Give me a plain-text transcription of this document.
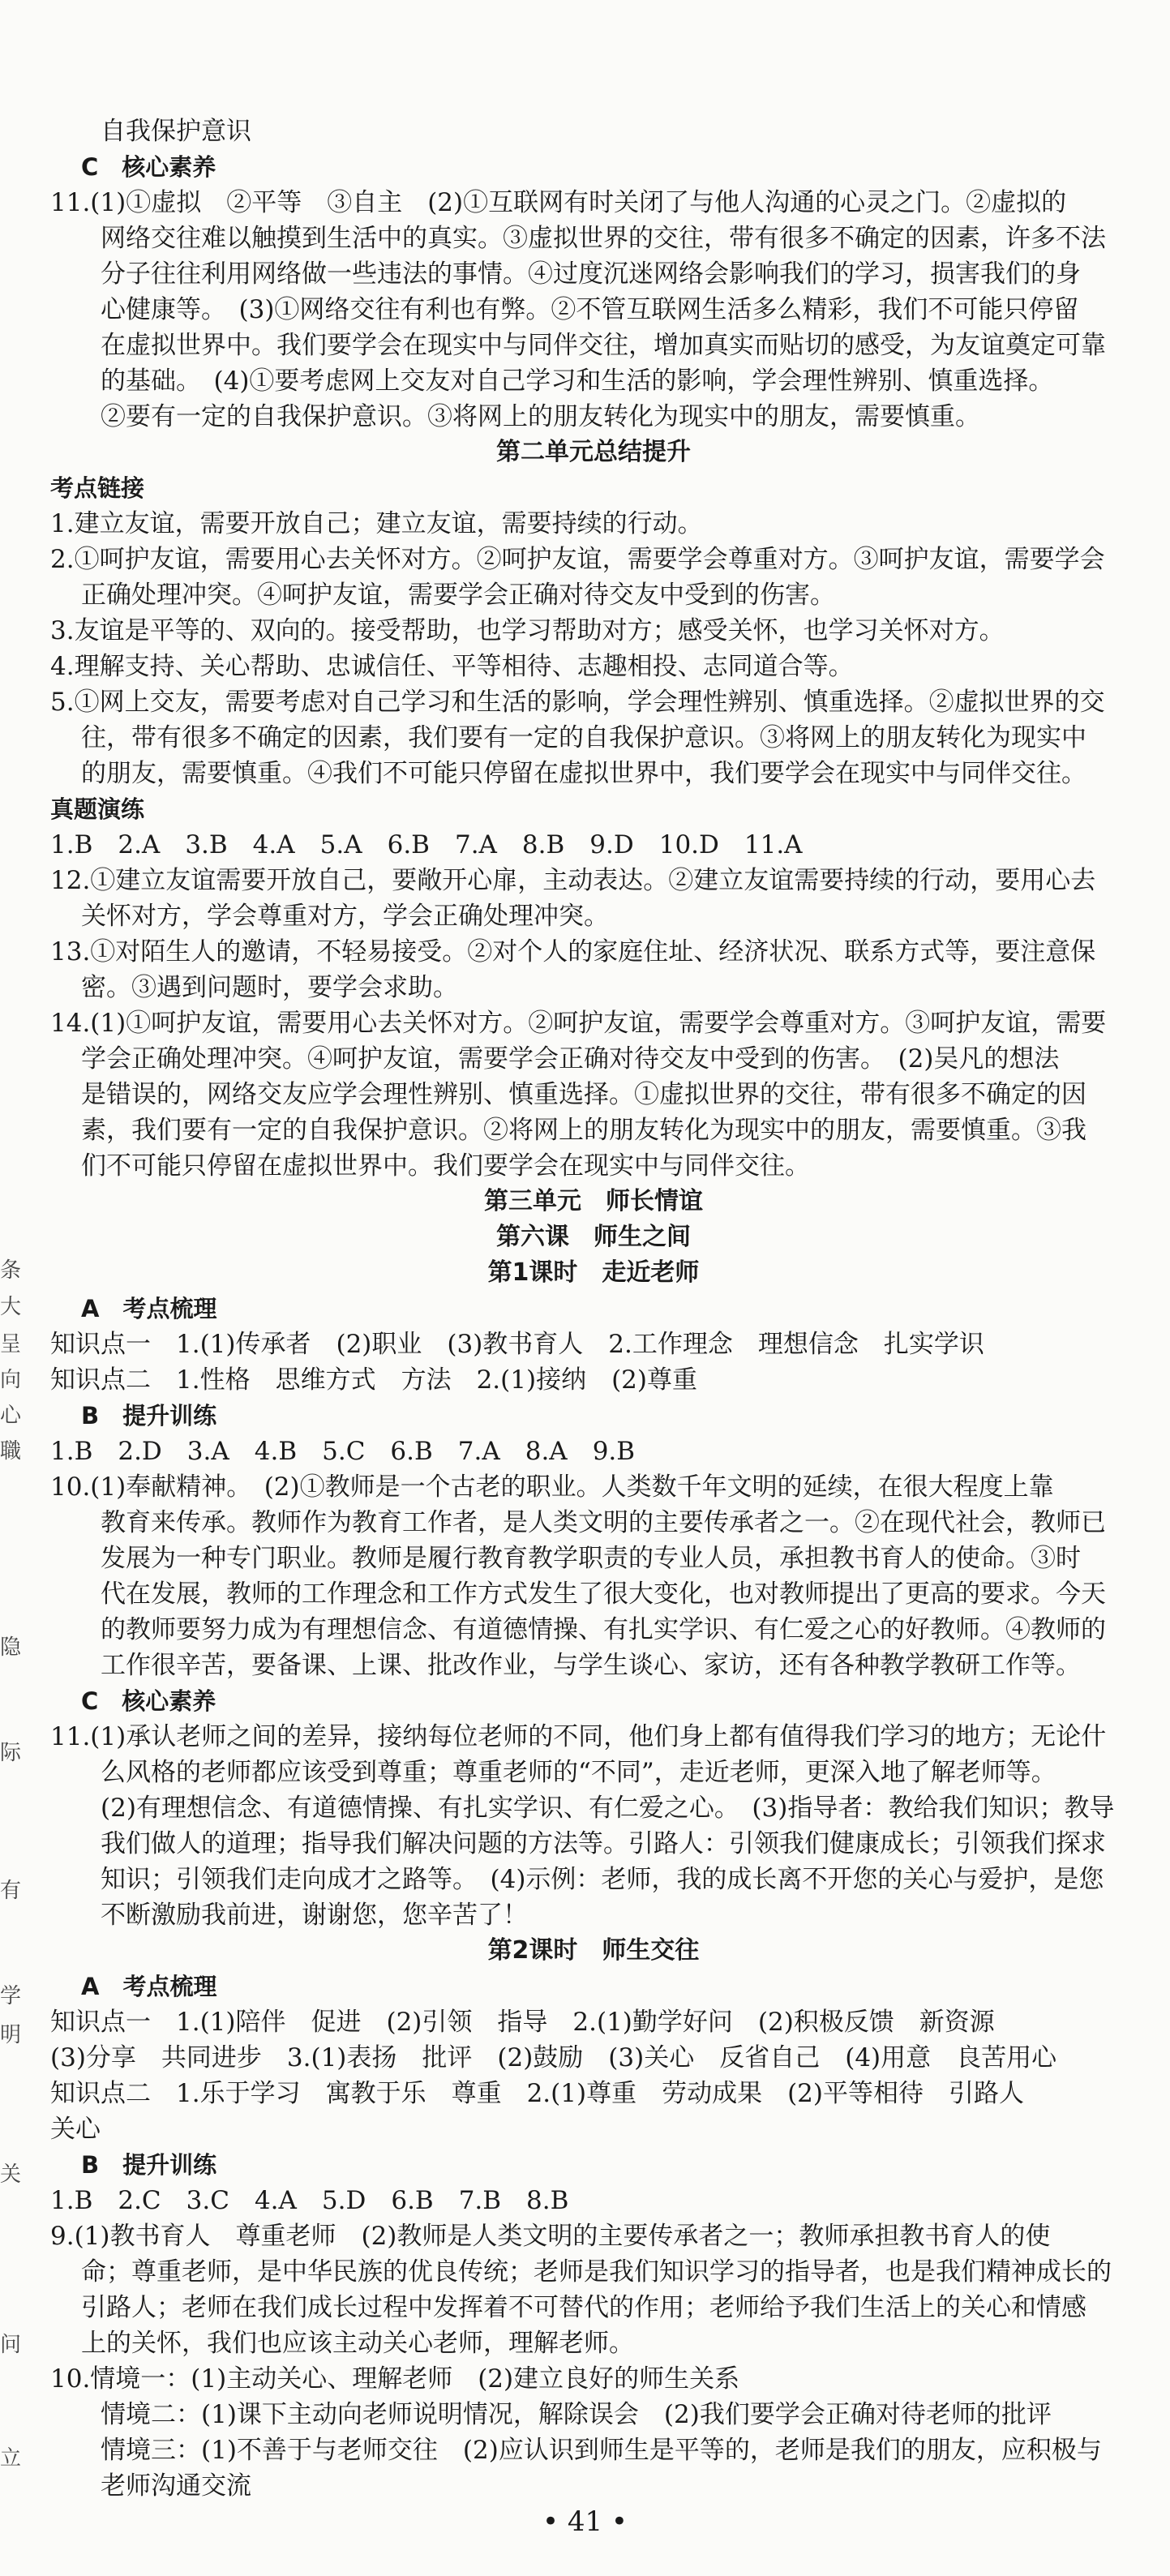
自我保护意识

C　核心素养

11.(1)①虚拟　②平等　③自主　(2)①互联网有时关闭了与他人沟通的心灵之门。②虚拟的

网络交往难以触摸到生活中的真实。③虚拟世界的交往，带有很多不确定的因素，许多不法

分子往往利用网络做一些违法的事情。④过度沉迷网络会影响我们的学习，损害我们的身

心健康等。　(3)①网络交往有利也有弊。②不管互联网生活多么精彩，我们不可能只停留

在虚拟世界中。我们要学会在现实中与同伴交往，增加真实而贴切的感受，为友谊奠定可靠

的基础。　(4)①要考虑网上交友对自己学习和生活的影响，学会理性辨别、慎重选择。

②要有一定的自我保护意识。③将网上的朋友转化为现实中的朋友，需要慎重。

第二单元总结提升

考点链接

1.建立友谊，需要开放自己；建立友谊，需要持续的行动。

2.①呵护友谊，需要用心去关怀对方。②呵护友谊，需要学会尊重对方。③呵护友谊，需要学会

正确处理冲突。④呵护友谊，需要学会正确对待交友中受到的伤害。

3.友谊是平等的、双向的。接受帮助，也学习帮助对方；感受关怀，也学习关怀对方。

4.理解支持、关心帮助、忠诚信任、平等相待、志趣相投、志同道合等。

5.①网上交友，需要考虑对自己学习和生活的影响，学会理性辨别、慎重选择。②虚拟世界的交

往，带有很多不确定的因素，我们要有一定的自我保护意识。③将网上的朋友转化为现实中

的朋友，需要慎重。④我们不可能只停留在虚拟世界中，我们要学会在现实中与同伴交往。

真题演练

1.B　2.A　3.B　4.A　5.A　6.B　7.A　8.B　9.D　10.D　11.A

12.①建立友谊需要开放自己，要敞开心扉，主动表达。②建立友谊需要持续的行动，要用心去

关怀对方，学会尊重对方，学会正确处理冲突。

13.①对陌生人的邀请，不轻易接受。②对个人的家庭住址、经济状况、联系方式等，要注意保

密。③遇到问题时，要学会求助。

14.(1)①呵护友谊，需要用心去关怀对方。②呵护友谊，需要学会尊重对方。③呵护友谊，需要

学会正确处理冲突。④呵护友谊，需要学会正确对待交友中受到的伤害。　(2)吴凡的想法

是错误的，网络交友应学会理性辨别、慎重选择。①虚拟世界的交往，带有很多不确定的因

素，我们要有一定的自我保护意识。②将网上的朋友转化为现实中的朋友，需要慎重。③我

们不可能只停留在虚拟世界中。我们要学会在现实中与同伴交往。

第三单元　师长情谊

第六课　师生之间

第1课时　走近老师

A　考点梳理

知识点一　1.(1)传承者　(2)职业　(3)教书育人　2.工作理念　理想信念　扎实学识

知识点二　1.性格　思维方式　方法　2.(1)接纳　(2)尊重

B　提升训练

1.B　2.D　3.A　4.B　5.C　6.B　7.A　8.A　9.B

10.(1)奉献精神。　(2)①教师是一个古老的职业。人类数千年文明的延续，在很大程度上靠

教育来传承。教师作为教育工作者，是人类文明的主要传承者之一。②在现代社会，教师已

发展为一种专门职业。教师是履行教育教学职责的专业人员，承担教书育人的使命。③时

代在发展，教师的工作理念和工作方式发生了很大变化，也对教师提出了更高的要求。今天

的教师要努力成为有理想信念、有道德情操、有扎实学识、有仁爱之心的好教师。④教师的

工作很辛苦，要备课、上课、批改作业，与学生谈心、家访，还有各种教学教研工作等。

C　核心素养

11.(1)承认老师之间的差异，接纳每位老师的不同，他们身上都有值得我们学习的地方；无论什

么风格的老师都应该受到尊重；尊重老师的“不同”，走近老师，更深入地了解老师等。

(2)有理想信念、有道德情操、有扎实学识、有仁爱之心。　(3)指导者：教给我们知识；教导

我们做人的道理；指导我们解决问题的方法等。引路人：引领我们健康成长；引领我们探求

知识；引领我们走向成才之路等。　(4)示例：老师，我的成长离不开您的关心与爱护，是您

不断激励我前进，谢谢您，您辛苦了！

第2课时　师生交往

A　考点梳理

知识点一　1.(1)陪伴　促进　(2)引领　指导　2.(1)勤学好问　(2)积极反馈　新资源

(3)分享　共同进步　3.(1)表扬　批评　(2)鼓励　(3)关心　反省自己　(4)用意　良苦用心

知识点二　1.乐于学习　寓教于乐　尊重　2.(1)尊重　劳动成果　(2)平等相待　引路人

关心

B　提升训练

1.B　2.C　3.C　4.A　5.D　6.B　7.B　8.B

9.(1)教书育人　尊重老师　(2)教师是人类文明的主要传承者之一；教师承担教书育人的使

命；尊重老师，是中华民族的优良传统；老师是我们知识学习的指导者，也是我们精神成长的

引路人；老师在我们成长过程中发挥着不可替代的作用；老师给予我们生活上的关心和情感

上的关怀，我们也应该主动关心老师，理解老师。

10.情境一：(1)主动关心、理解老师　(2)建立良好的师生关系

情境二：(1)课下主动向老师说明情况，解除误会　(2)我们要学会正确对待老师的批评

情境三：(1)不善于与老师交往　(2)应认识到师生是平等的，老师是我们的朋友，应积极与

老师沟通交流

条
大
呈
向
心
職
隐
际
有
学
明
关
问
立
• 41 •
